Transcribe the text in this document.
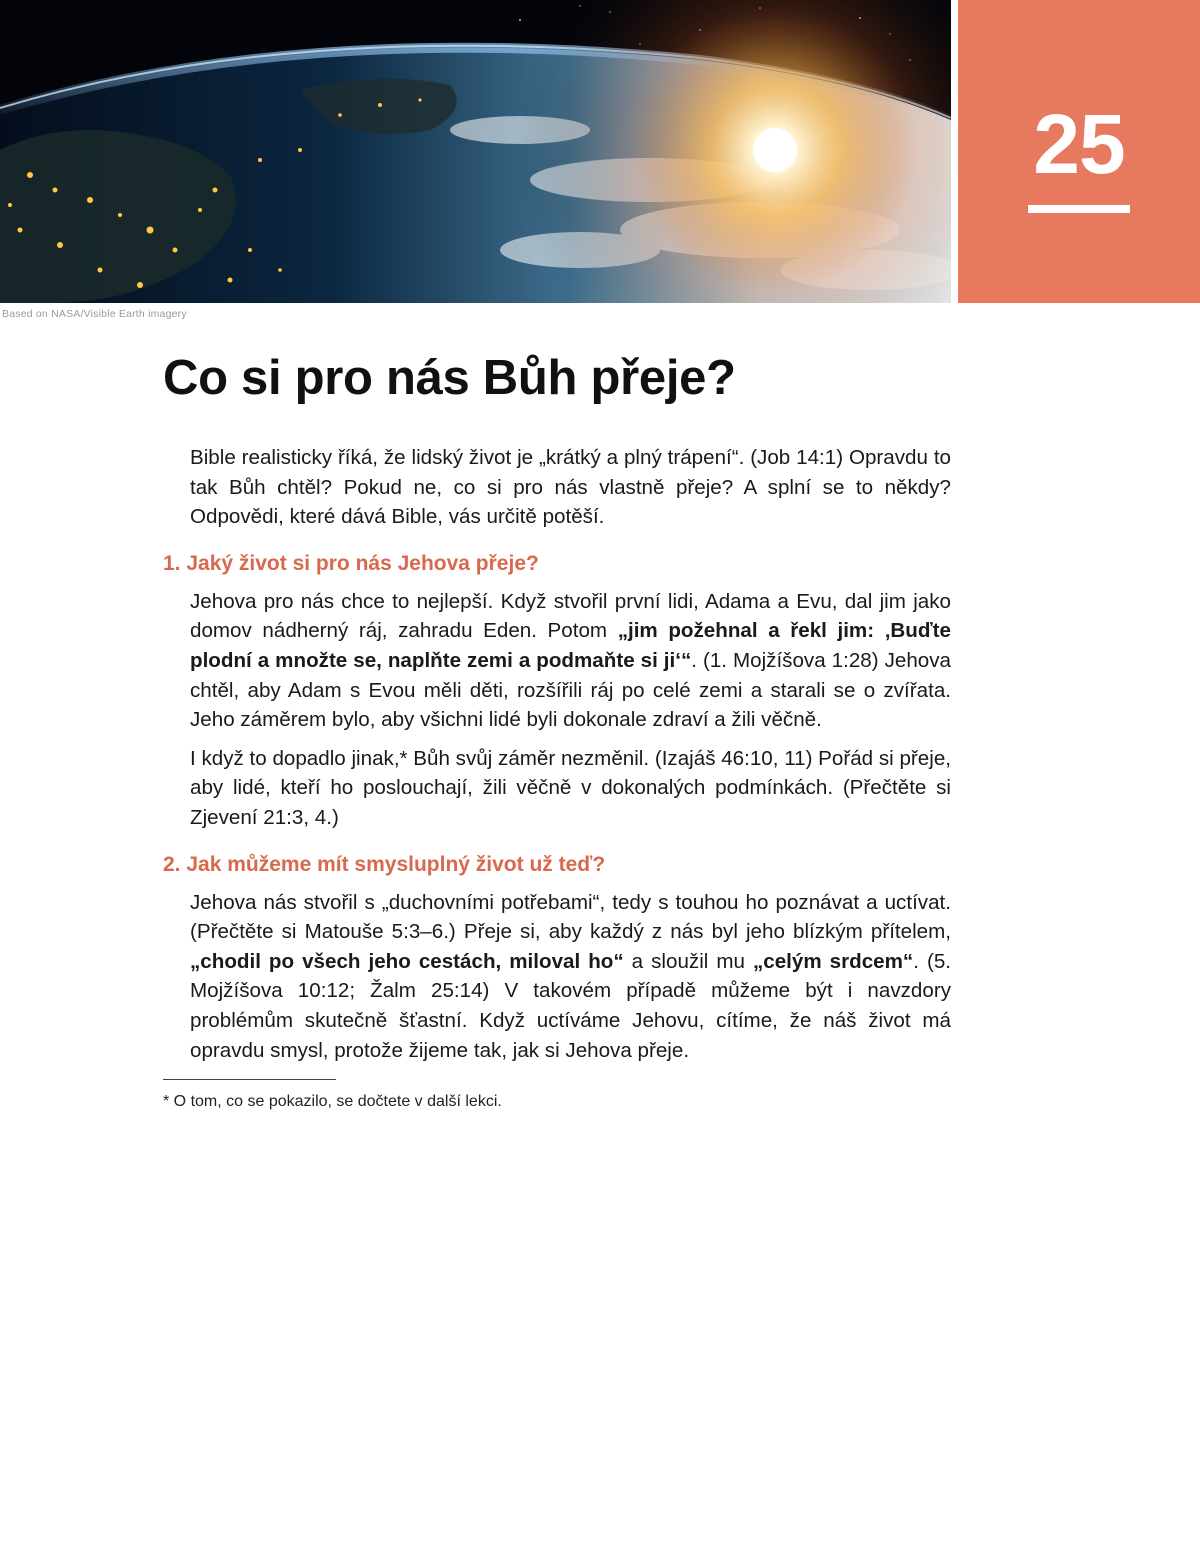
Based on NASA/Visible Earth imagery
25
Co si pro nás Bůh přeje?

Bible realisticky říká, že lidský život je „krátký a plný trápení“. (Job 14:1) Opravdu to tak Bůh chtěl? Pokud ne, co si pro nás vlastně přeje? A splní se to někdy? Odpovědi, které dává Bible, vás určitě potěší.

1. Jaký život si pro nás Jehova přeje?

Jehova pro nás chce to nejlepší. Když stvořil první lidi, Adama a Evu, dal jim jako domov nádherný ráj, zahradu Eden. Potom „jim požehnal a řekl jim: ‚Buďte plodní a množte se, naplňte zemi a podmaňte si ji‘“. (1. Mojžíšova 1:28) Jehova chtěl, aby Adam s Evou měli děti, rozšířili ráj po celé zemi a starali se o zvířata. Jeho záměrem bylo, aby všichni lidé byli dokonale zdraví a žili věčně.

I když to dopadlo jinak,* Bůh svůj záměr nezměnil. (Izajáš 46:10, 11) Pořád si přeje, aby lidé, kteří ho poslouchají, žili věčně v dokonalých podmínkách. (Přečtěte si Zjevení 21:3, 4.)

2. Jak můžeme mít smysluplný život už teď?

Jehova nás stvořil s „duchovními potřebami“, tedy s touhou ho poznávat a uctívat. (Přečtěte si Matouše 5:3–6.) Přeje si, aby každý z nás byl jeho blízkým přítelem, „chodil po všech jeho cestách, miloval ho“ a sloužil mu „celým srdcem“. (5. Mojžíšova 10:12; Žalm 25:14) V takovém případě můžeme být i navzdory problémům skutečně šťastní. Když uctíváme Jehovu, cítíme, že náš život má opravdu smysl, protože žijeme tak, jak si Jehova přeje.

* O tom, co se pokazilo, se dočtete v další lekci.
